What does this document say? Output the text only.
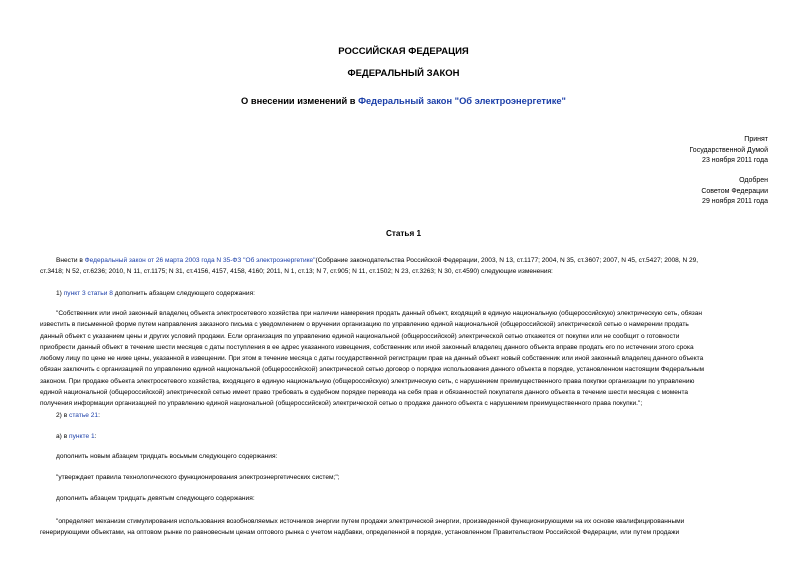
РОССИЙСКАЯ ФЕДЕРАЦИЯ
ФЕДЕРАЛЬНЫЙ ЗАКОН
О внесении изменений в Федеральный закон "Об электроэнергетике"
Принят
Государственной Думой
23 ноября 2011 года
Одобрен
Советом Федерации
29 ноября 2011 года
Статья 1
Внести в Федеральный закон от 26 марта 2003 года N 35-ФЗ "Об электроэнергетике"(Собрание законодательства Российской Федерации, 2003, N 13, ст.1177; 2004, N 35, ст.3607; 2007, N 45, ст.5427; 2008, N 29,
ст.3418; N 52, ст.6236; 2010, N 11, ст.1175; N 31, ст.4156, 4157, 4158, 4160; 2011, N 1, ст.13; N 7, ст.905; N 11, ст.1502; N 23, ст.3263; N 30, ст.4590) следующие изменения:
1) пункт 3 статьи 8 дополнить абзацем следующего содержания:
"Собственник или иной законный владелец объекта электросетевого хозяйства при наличии намерения продать данный объект, входящий в единую национальную (общероссийскую) электрическую сеть, обязан
известить в письменной форме путем направления заказного письма с уведомлением о вручении организацию по управлению единой национальной (общероссийской) электрической сетью о намерении продать
данный объект с указанием цены и других условий продажи. Если организация по управлению единой национальной (общероссийской) электрической сетью откажется от покупки или не сообщит о готовности
приобрести данный объект в течение шести месяцев с даты поступления в ее адрес указанного извещения, собственник или иной законный владелец данного объекта вправе продать его по истечении этого срока
любому лицу по цене не ниже цены, указанной в извещении. При этом в течение месяца с даты государственной регистрации прав на данный объект новый собственник или иной законный владелец данного объекта
обязан заключить с организацией по управлению единой национальной (общероссийской) электрической сетью договор о порядке использования данного объекта в порядке, установленном настоящим Федеральным
законом. При продаже объекта электросетевого хозяйства, входящего в единую национальную (общероссийскую) электрическую сеть, с нарушением преимущественного права покупки организации по управлению
единой национальной (общероссийской) электрической сетью имеет право требовать в судебном порядке перевода на себя прав и обязанностей покупателя данного объекта в течение шести месяцев с момента
получения информации организацией по управлению единой национальной (общероссийской) электрической сетью о продаже данного объекта с нарушением преимущественного права покупки.";
2) в статье 21:
а) в пункте 1:
дополнить новым абзацем тридцать восьмым следующего содержания:
"утверждает правила технологического функционирования электроэнергетических систем;";
дополнить абзацем тридцать девятым следующего содержания:
"определяет механизм стимулирования использования возобновляемых источников энергии путем продажи электрической энергии, произведенной функционирующими на их основе квалифицированными
генерирующими объектами, на оптовом рынке по равновесным ценам оптового рынка с учетом надбавки, определенной в порядке, установленном Правительством Российской Федерации, или путем продажи
